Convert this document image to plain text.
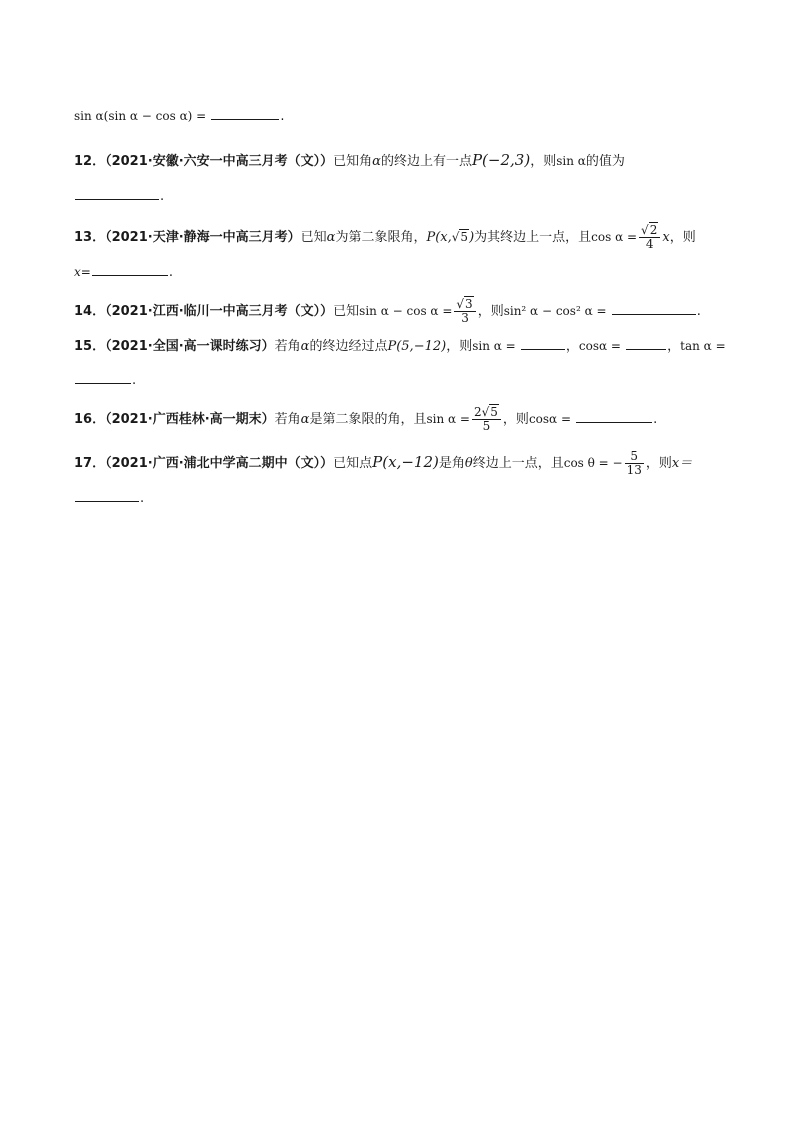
sin α(sin α − cos α) =	.
12．（2021·安徽·六安一中高三月考（文））已知角α的终边上有一点P(−2,3)，则sin α的值为
.
13．（2021·天津·静海一中高三月考）已知α为第二象限角，P(x,√5)为其终边上一点，且$\cos \alpha = \frac{√2}{4}$ x，则
x=	.
14．（2021·江西·临川一中高三月考（文））已知$\sin \alpha - \cos \alpha = \frac{√3}{3}$ ，则sin² α − cos² α =	.
15．（2021·全国·高一课时练习）若角α的终边经过点P(5,−12)，则sin α =	，cosα =	，tan α =
.
16．（2021·广西桂林·高一期末）若角α是第二象限的角，且$\sin \alpha = \frac{2√5}{5}$ ，则cosα =	.
17．（2021·广西·浦北中学高二期中（文））已知点P(x,−12)是角θ终边上一点，且cos θ = − $\frac{5}{13}$ ，则x＝
.
